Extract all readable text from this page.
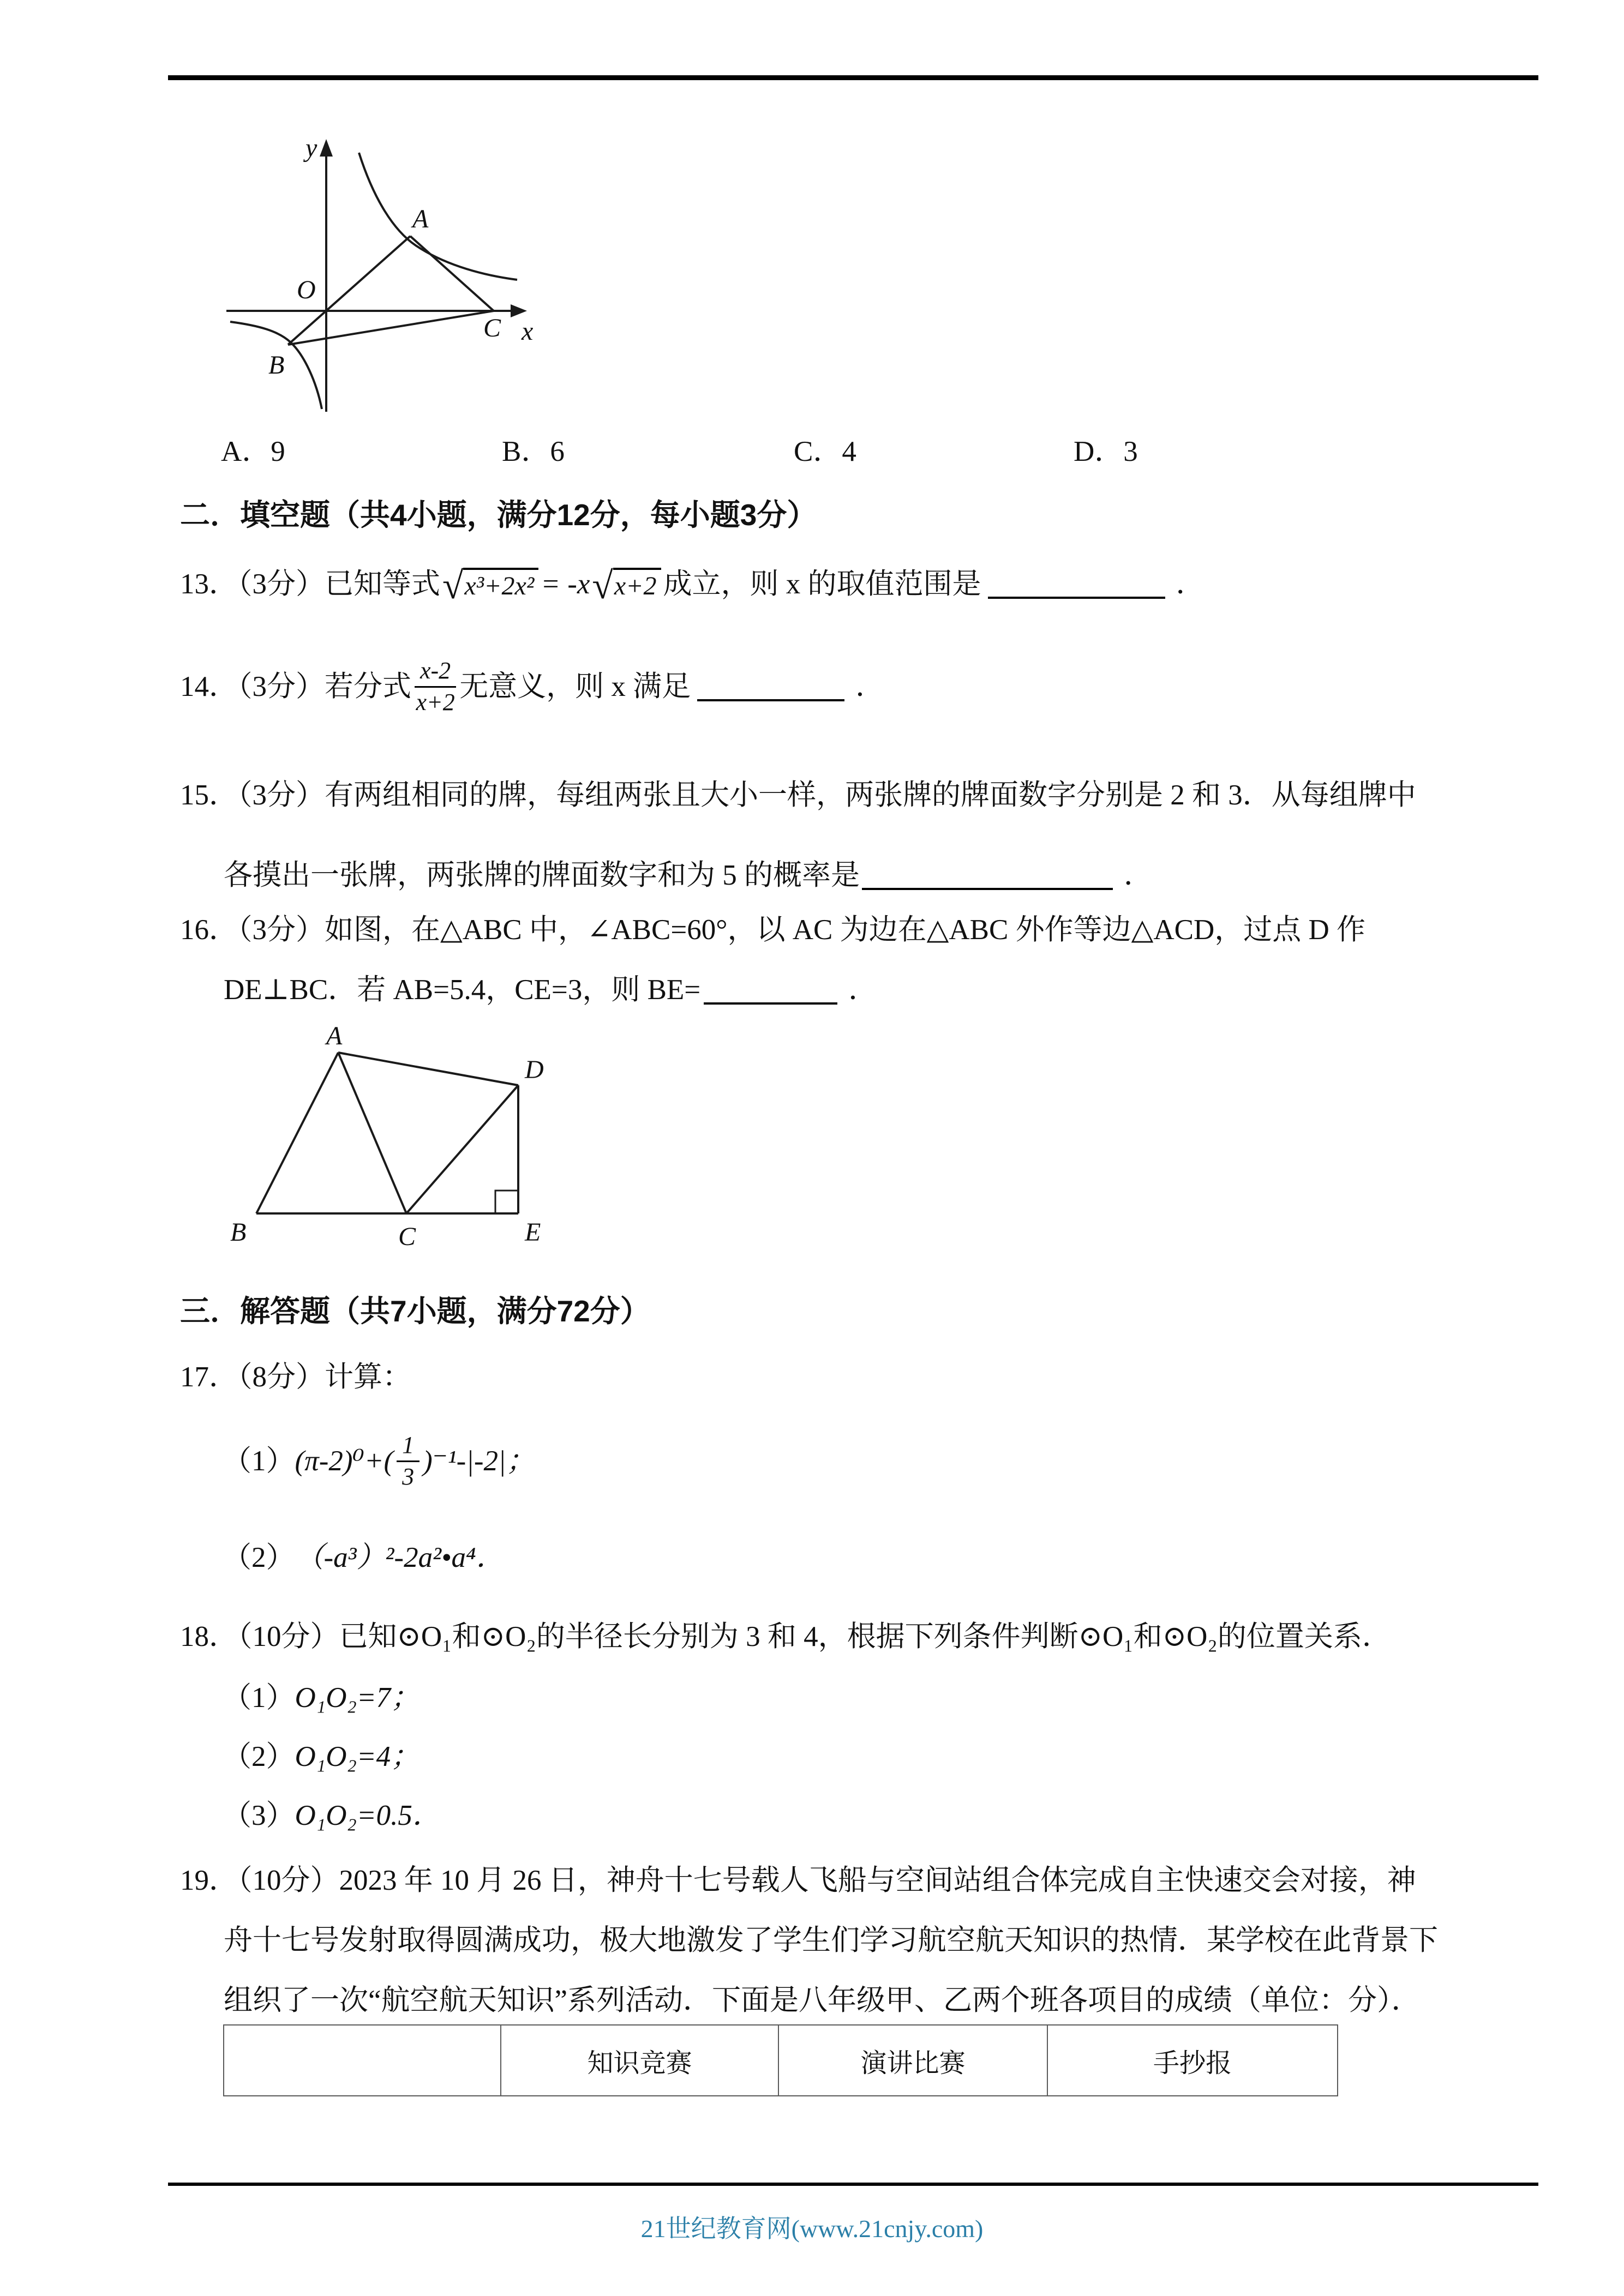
y
x
O
A
B
C
A．9	B．6	C．4	D．3
二．填空题（共4小题，满分12分，每小题3分）
13．（3分）已知等式 √ x³+2x² = -x √ x+2 成立，则 x 的取值范围是	．
14．（3分）若分式 $\frac{x-2}{x+2}$ 无意义，则 x 满足	．
15．（3分）有两组相同的牌，每组两张且大小一样，两张牌的牌面数字分别是 2 和 3．从每组牌中
各摸出一张牌，两张牌的牌面数字和为 5 的概率是	．
16．（3分）如图，在△ABC 中，∠ABC=60°，以 AC 为边在△ABC 外作等边△ACD，过点 D 作
DE⊥BC．若 AB=5.4，CE=3，则 BE=	．
A
B	C
D
E
三．解答题（共7小题，满分72分）
17．（8分）计算：
（1） $(\pi-2)^0+( \frac{1}{3} )^{-1}-|-2|$；
（2） （-a³）²-2a²•a⁴．
18．（10分）已知⊙O₁和⊙O₂的半径长分别为 3 和 4，根据下列条件判断⊙O₁和⊙O₂的位置关系．
（1） O₁O₂=7；
（2） O₁O₂=4；
（3） O₁O₂=0.5．
19．（10分）2023 年 10 月 26 日，神舟十七号载人飞船与空间站组合体完成自主快速交会对接，神
舟十七号发射取得圆满成功，极大地激发了学生们学习航空航天知识的热情．某学校在此背景下
组织了一次“航空航天知识”系列活动．下面是八年级甲、乙两个班各项目的成绩（单位：分）．
	知识竞赛	演讲比赛	手抄报
21世纪教育网(www.21cnjy.com)
